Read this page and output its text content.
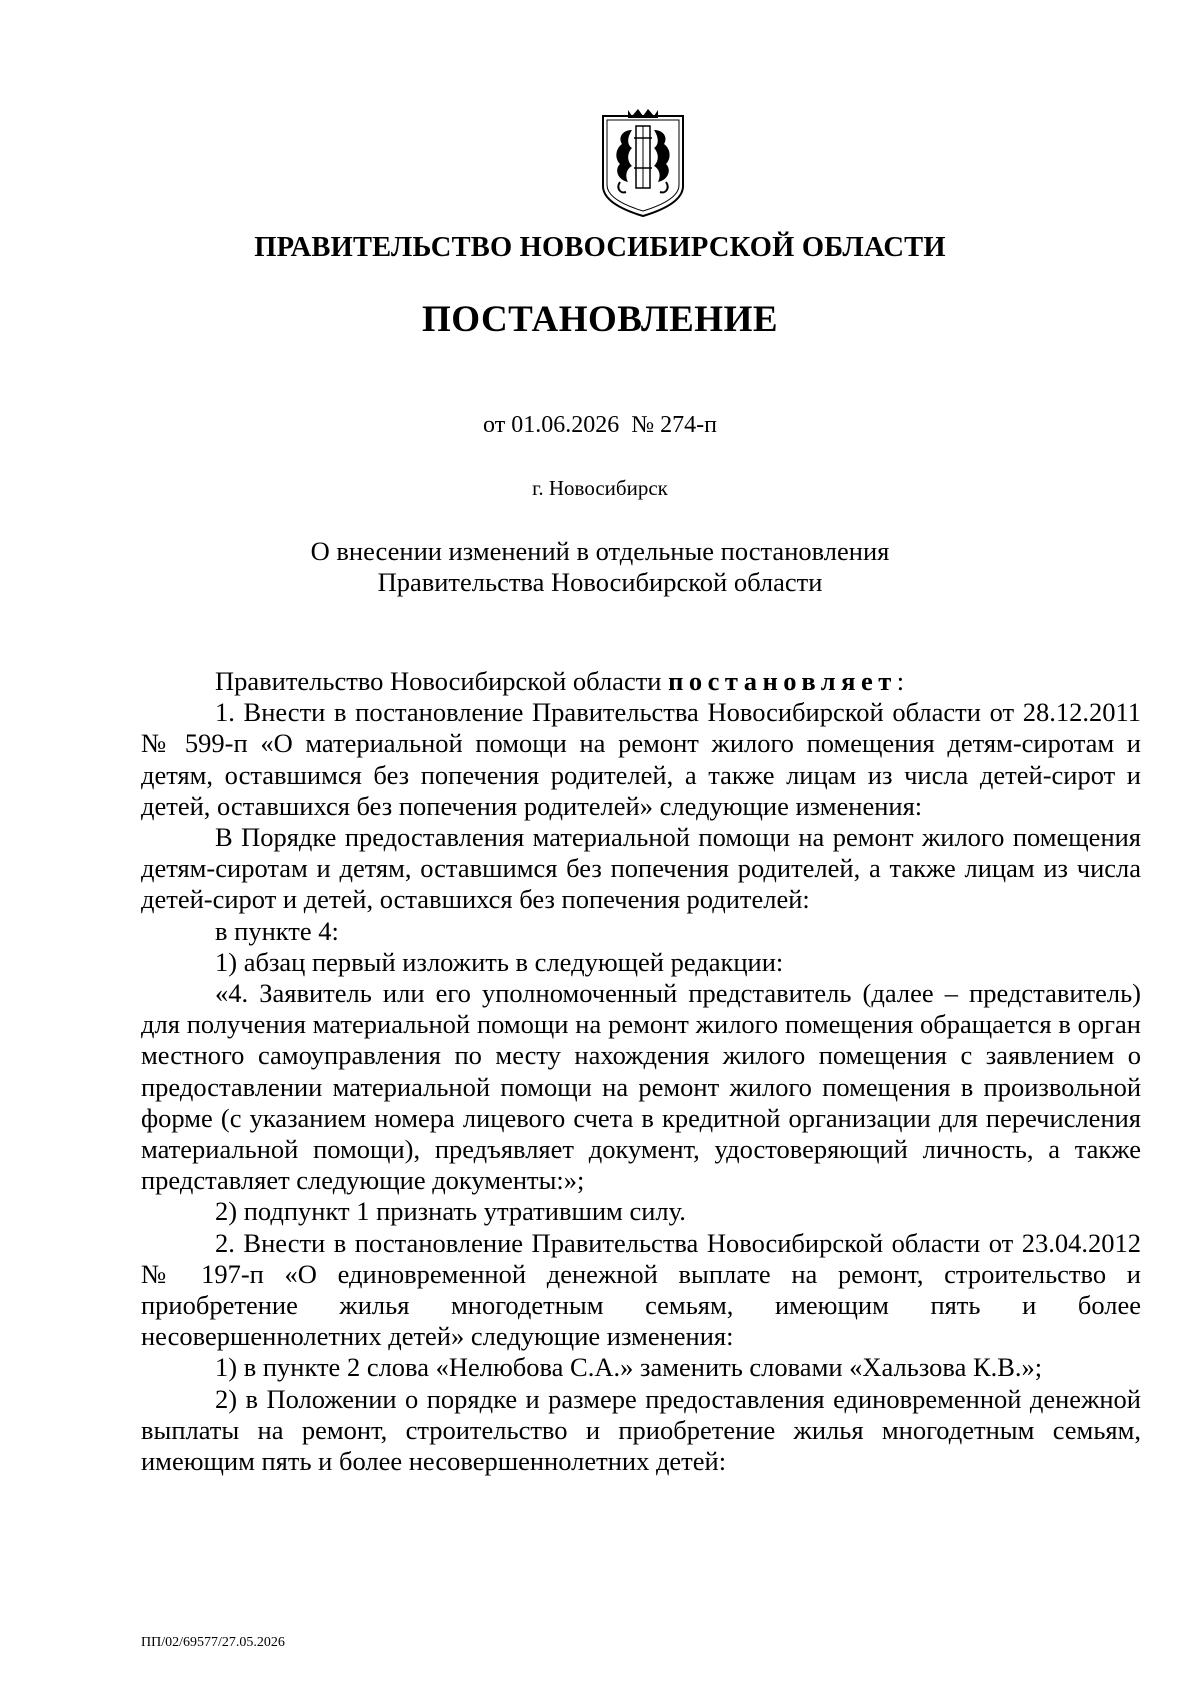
ПРАВИТЕЛЬСТВО НОВОСИБИРСКОЙ ОБЛАСТИ
ПОСТАНОВЛЕНИЕ
от 01.06.2026 № 274-п
г. Новосибирск
О внесении изменений в отдельные постановления
Правительства Новосибирской области

Правительство Новосибирской области постановляет:

1. Внести в постановление Правительства Новосибирской области от 28.12.2011 № 599-п «О материальной помощи на ремонт жилого помещения детям-сиротам и детям, оставшимся без попечения родителей, а также лицам из числа детей-сирот и детей, оставшихся без попечения родителей» следующие изменения:

В Порядке предоставления материальной помощи на ремонт жилого помещения детям-сиротам и детям, оставшимся без попечения родителей, а также лицам из числа детей-сирот и детей, оставшихся без попечения родителей:

в пункте 4:

1) абзац первый изложить в следующей редакции:

«4. Заявитель или его уполномоченный представитель (далее – представитель) для получения материальной помощи на ремонт жилого помещения обращается в орган местного самоуправления по месту нахождения жилого помещения с заявлением о предоставлении материальной помощи на ремонт жилого помещения в произвольной форме (с указанием номера лицевого счета в кредитной организации для перечисления материальной помощи), предъявляет документ, удостоверяющий личность, а также представляет следующие документы:»;

2) подпункт 1 признать утратившим силу.

2. Внести в постановление Правительства Новосибирской области от 23.04.2012 № 197-п «О единовременной денежной выплате на ремонт, строительство и приобретение жилья многодетным семьям, имеющим пять и более несовершеннолетних детей» следующие изменения:

1) в пункте 2 слова «Нелюбова С.А.» заменить словами «Хальзова К.В.»;

2) в Положении о порядке и размере предоставления единовременной денежной выплаты на ремонт, строительство и приобретение жилья многодетным семьям, имеющим пять и более несовершеннолетних детей:

ПП/02/69577/27.05.2026
